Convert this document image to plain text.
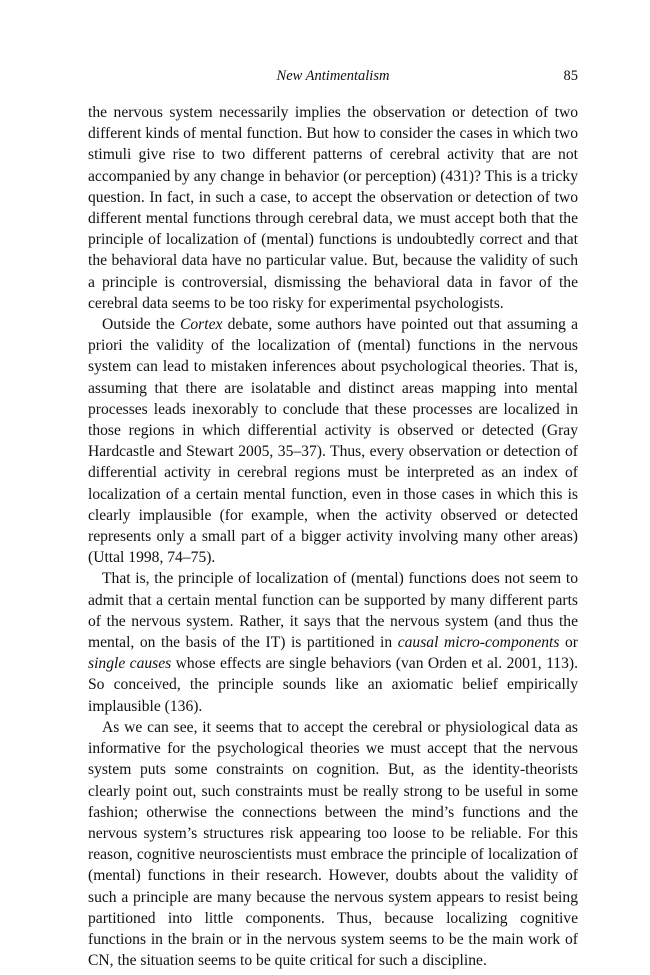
New Antimentalism	85

the nervous system necessarily implies the observation or detection of two different kinds of mental function. But how to consider the cases in which two stimuli give rise to two different patterns of cerebral activity that are not accompanied by any change in behavior (or perception) (431)? This is a tricky question. In fact, in such a case, to accept the observation or detection of two different mental functions through cerebral data, we must accept both that the principle of localization of (mental) functions is undoubtedly correct and that the behavioral data have no particular value. But, because the validity of such a principle is controversial, dismissing the behavioral data in favor of the cerebral data seems to be too risky for experimental psychologists.

Outside the Cortex debate, some authors have pointed out that assuming a priori the validity of the localization of (mental) functions in the nervous system can lead to mistaken inferences about psychological theories. That is, assuming that there are isolatable and distinct areas mapping into mental processes leads inexorably to conclude that these processes are localized in those regions in which differential activity is observed or detected (Gray Hardcastle and Stewart 2005, 35–37). Thus, every observation or detection of differential activity in cerebral regions must be interpreted as an index of localization of a certain mental function, even in those cases in which this is clearly implausible (for example, when the activity observed or detected represents only a small part of a bigger activity involving many other areas) (Uttal 1998, 74–75).

That is, the principle of localization of (mental) functions does not seem to admit that a certain mental function can be supported by many different parts of the nervous system. Rather, it says that the nervous system (and thus the mental, on the basis of the IT) is partitioned in causal micro-components or single causes whose effects are single behaviors (van Orden et al. 2001, 113). So conceived, the principle sounds like an axiomatic belief empirically implausible (136).

As we can see, it seems that to accept the cerebral or physiological data as informative for the psychological theories we must accept that the nervous system puts some constraints on cognition. But, as the identity-theorists clearly point out, such constraints must be really strong to be useful in some fashion; otherwise the connections between the mind’s functions and the nervous system’s structures risk appearing too loose to be reliable. For this reason, cognitive neuroscientists must embrace the principle of localization of (mental) functions in their research. However, doubts about the validity of such a principle are many because the nervous system appears to resist being partitioned into little components. Thus, because localizing cognitive functions in the brain or in the nervous system seems to be the main work of CN, the situation seems to be quite critical for such a discipline.
